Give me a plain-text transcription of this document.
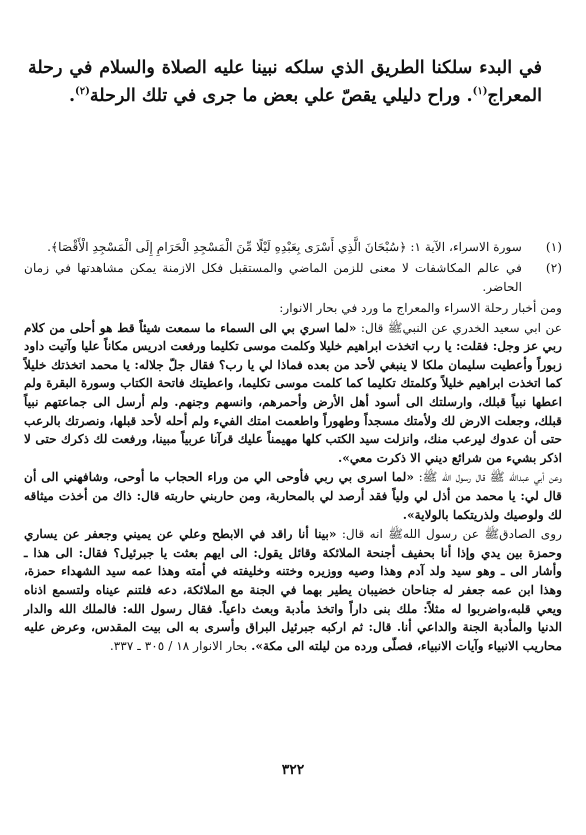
في البدء سلكنا الطريق الذي سلكه نبينا عليه الصلاة والسلام في رحلة المعراج$^{(١)}$. وراح دليلي يقصّ علي بعض ما جرى في تلك الرحلة$^{(٢)}$.

(١)
سورة الاسراء، الآية ١: ﴿سُبْحَانَ الَّذِي أَسْرَى بِعَبْدِهِ لَيْلًا مِّنَ الْمَسْجِدِ الْحَرَامِ إِلَى الْمَسْجِدِ الْأَقْصَا﴾.
(٢)
في عالم المكاشفات لا معنى للزمن الماضي والمستقبل فكل الازمنة يمكن مشاهدتها في زمان الحاضر.

ومن أخبار رحلة الاسراء والمعراج ما ورد في بحار الانوار:

عن ابي سعيد الخدري عن النبيﷺ قال: «لما اسري بي الى السماء ما سمعت شيئاً قط هو أحلى من كلام ربي عز وجل: فقلت: يا رب اتخذت ابراهيم خليلا وكلمت موسى تكليما ورفعت ادريس مكاناً عليا وآتيت داود زبوراً وأعطيت سليمان ملكا لا ينبغي لأحد من بعده فماذا لي يا رب؟ فقال جلّ جلاله: يا محمد اتخذتك خليلاً كما اتخذت ابراهيم خليلاً وكلمتك تكليما كما كلمت موسى تكليما، واعطيتك فاتحة الكتاب وسورة البقرة ولم اعطها نبياً قبلك، وارسلتك الى أسود أهل الأرض وأحمرهم، وانسهم وجنهم. ولم أرسل الى جماعتهم نبياً قبلك، وجعلت الارض لك ولأمتك مسجداً وطهوراً واطعمت امتك الفيء ولم أحله لأحد قبلها، ونصرتك بالرعب حتى أن عدوك ليرعب منك، وانزلت سيد الكتب كلها مهيمناً عليك قرآنا عربياً مبينا، ورفعت لك ذكرك حتى لا اذكر بشيء من شرائع ديني الا ذكرت معي».

وعن أبي عبدالله ﷺ قال رسول الله ﷺ: «لما اسرى بي ربي فأوحى الي من وراء الحجاب ما أوحى، وشافهني الى أن قال لي: يا محمد من أذل لي ولياً فقد أرصد لي بالمحاربة، ومن حاربني حاربته قال: ذاك من أخذت ميثاقه لك ولوصيك ولذريتكما بالولاية».

روى الصادقﷺ عن رسول اللهﷺ انه قال: «بينا أنا راقد في الابطح وعلي عن يميني وجعفر عن يساري وحمزة بين يدي وإذا أنا بحفيف أجنحة الملائكة وقائل يقول: الى ايهم بعثت يا جبرئيل؟ فقال: الى هذا ـ وأشار الى ـ وهو سيد ولد آدم وهذا وصيه ووزيره وختنه وخليفته في أمته وهذا عمه سيد الشهداء حمزة، وهذا ابن عمه جعفر له جناحان خضيبان يطير بهما في الجنة مع الملائكة، دعه فلتنم عيناه ولتسمع اذناه ويعي قلبه،واضربوا له مثلاً: ملك بنى داراً واتخذ مأدبة وبعث داعياً. فقال رسول الله: فالملك الله والدار الدنيا والمأدبة الجنة والداعي أنا. قال: ثم اركبه جبرئيل البراق وأسرى به الى بيت المقدس، وعرض عليه محاريب الانبياء وآيات الانبياء، فصلّى ورده من ليلته الى مكة». بحار الانوار ١٨ / ٣٠٥ ـ ٣٣٧.

٣٢٢
